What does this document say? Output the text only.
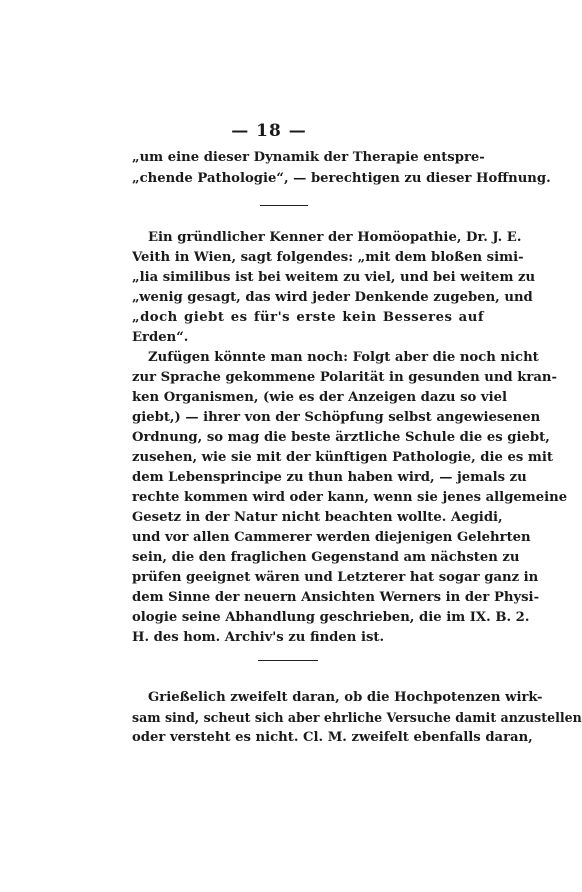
— 18 —
„um eine dieser Dynamik der Therapie entspre-
„chende Pathologie“, — berechtigen zu dieser Hoffnung.
Ein gründlicher Kenner der Homöopathie, Dr. J. E.
Veith in Wien, sagt folgendes: „mit dem bloßen simi-
„lia similibus ist bei weitem zu viel, und bei weitem zu
„wenig gesagt, das wird jeder Denkende zugeben, und
„doch giebt es für's erste kein Besseres auf
Erden“.
Zufügen könnte man noch: Folgt aber die noch nicht
zur Sprache gekommene Polarität in gesunden und kran-
ken Organismen, (wie es der Anzeigen dazu so viel
giebt,) — ihrer von der Schöpfung selbst angewiesenen
Ordnung, so mag die beste ärztliche Schule die es giebt,
zusehen, wie sie mit der künftigen Pathologie, die es mit
dem Lebensprincipe zu thun haben wird, — jemals zu
rechte kommen wird oder kann, wenn sie jenes allgemeine
Gesetz in der Natur nicht beachten wollte. Aegidi,
und vor allen Cammerer werden diejenigen Gelehrten
sein, die den fraglichen Gegenstand am nächsten zu
prüfen geeignet wären und Letzterer hat sogar ganz in
dem Sinne der neuern Ansichten Werners in der Physi-
ologie seine Abhandlung geschrieben, die im IX. B. 2.
H. des hom. Archiv's zu finden ist.
Grießelich zweifelt daran, ob die Hochpotenzen wirk-
sam sind, scheut sich aber ehrliche Versuche damit anzustellen
oder versteht es nicht. Cl. M. zweifelt ebenfalls daran,
